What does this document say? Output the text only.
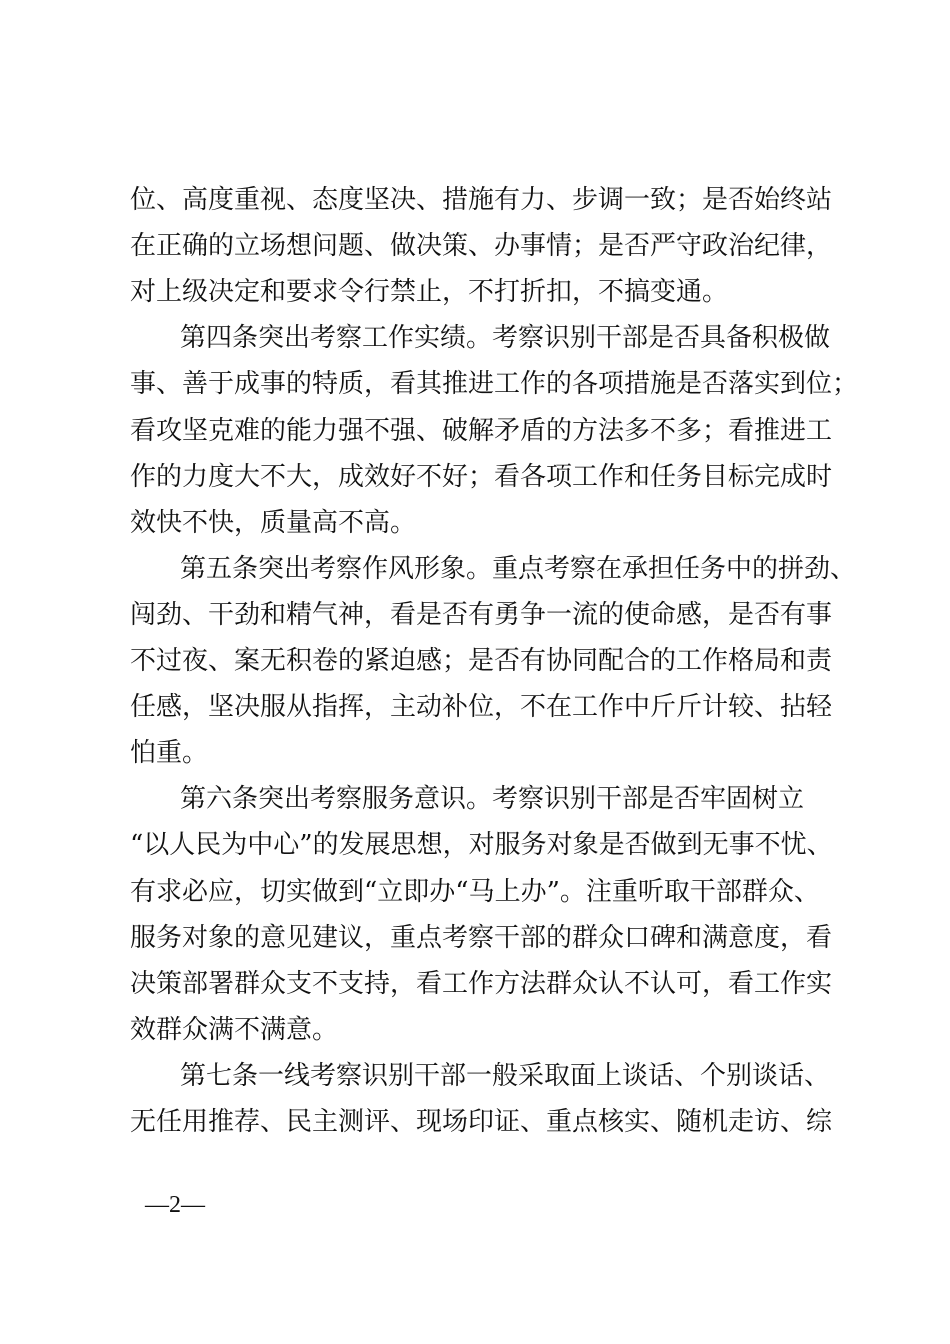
位、高度重视、态度坚决、措施有力、步调一致；是否始终站
在正确的立场想问题、做决策、办事情；是否严守政治纪律，
对上级决定和要求令行禁止，不打折扣，不搞变通。
第四条突出考察工作实绩。考察识别干部是否具备积极做
事、善于成事的特质，看其推进工作的各项措施是否落实到位；
看攻坚克难的能力强不强、破解矛盾的方法多不多；看推进工
作的力度大不大，成效好不好；看各项工作和任务目标完成时
效快不快，质量高不高。
第五条突出考察作风形象。重点考察在承担任务中的拼劲、
闯劲、干劲和精气神，看是否有勇争一流的使命感，是否有事
不过夜、案无积卷的紧迫感；是否有协同配合的工作格局和责
任感，坚决服从指挥，主动补位，不在工作中斤斤计较、拈轻
怕重。
第六条突出考察服务意识。考察识别干部是否牢固树立
“以人民为中心”的发展思想，对服务对象是否做到无事不忧、
有求必应，切实做到“立即办“马上办”。注重听取干部群众、
服务对象的意见建议，重点考察干部的群众口碑和满意度，看
决策部署群众支不支持，看工作方法群众认不认可，看工作实
效群众满不满意。
第七条一线考察识别干部一般采取面上谈话、个别谈话、
无任用推荐、民主测评、现场印证、重点核实、随机走访、综
—2—
